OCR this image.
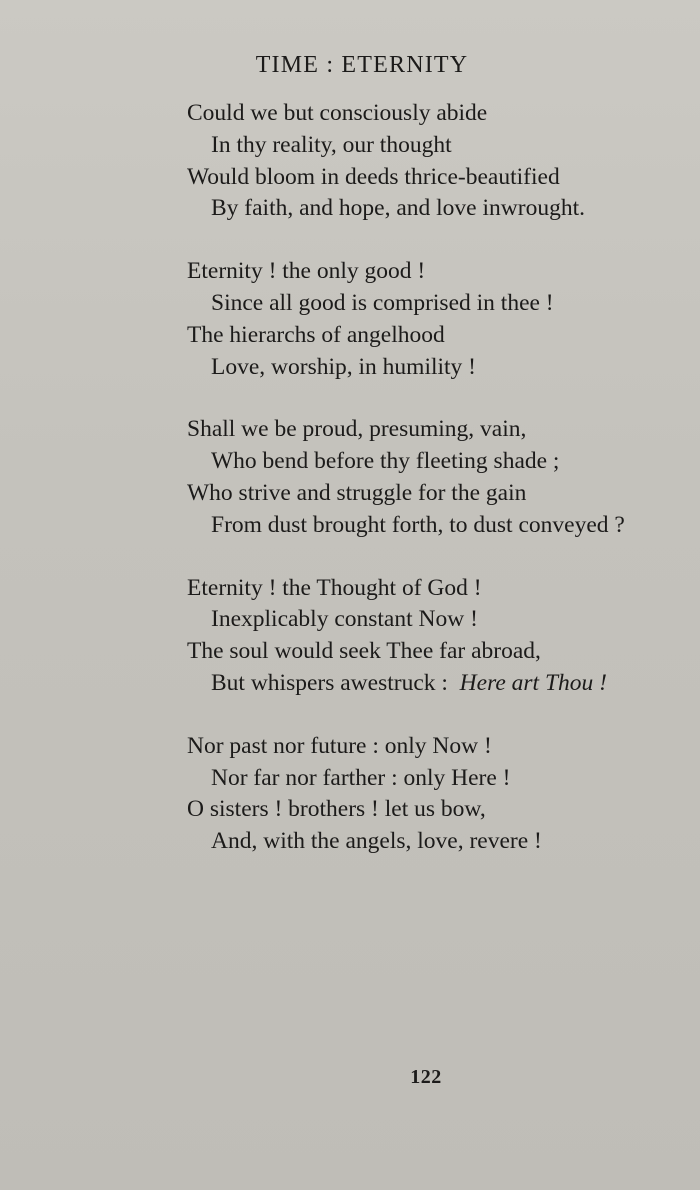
TIME : ETERNITY
Could we but consciously abide
In thy reality, our thought
Would bloom in deeds thrice-beautified
By faith, and hope, and love inwrought.
Eternity ! the only good !
Since all good is comprised in thee !
The hierarchs of angelhood
Love, worship, in humility !
Shall we be proud, presuming, vain,
Who bend before thy fleeting shade ;
Who strive and struggle for the gain
From dust brought forth, to dust conveyed ?
Eternity ! the Thought of God !
Inexplicably constant Now !
The soul would seek Thee far abroad,
But whispers awestruck : Here art Thou !
Nor past nor future : only Now !
Nor far nor farther : only Here !
O sisters ! brothers ! let us bow,
And, with the angels, love, revere !
122
